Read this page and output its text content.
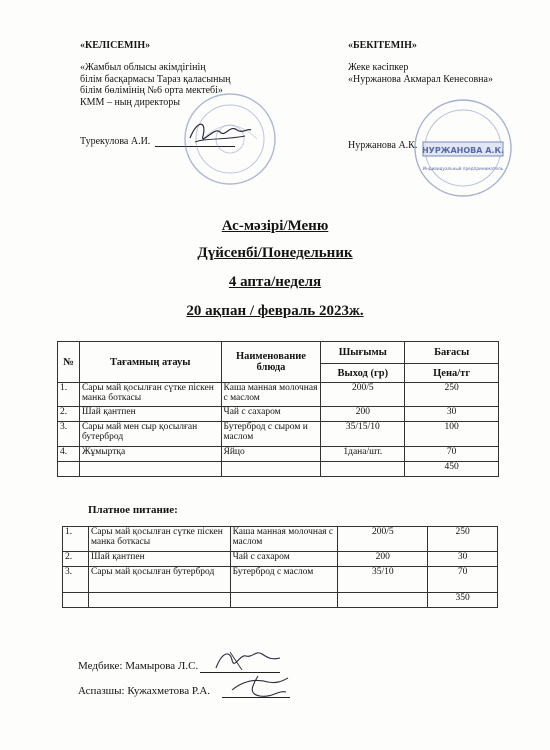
«КЕЛІСЕМІН»
«Жамбыл облысы әкімдігінің
білім басқармасы Тараз қаласының
білім бөлімінің №6 орта мектебі»
КММ – ның директоры
Турекулова А.И.
«БЕКІТЕМІН»
Жеке кәсіпкер
«Нуржанова Акмарал Кенесовна»
Нуржанова А.К. НУРЖАНОВА А.К.
Индивидуальный предприниматель
Ас-мәзірі/Меню
Дүйсенбі/Понедельник
4 апта/неделя
20 ақпан / февраль 2023ж.
№	Тағамның атауы	Наименование блюда	Шығымы	Бағасы
			Выход (гр)	Цена/тг
1.	Сары май қосылған сүтке піскен манка боткасы	Каша манная молочная с маслом	200/5	250
2.	Шай қантпен	Чай с сахаром	200	30
3.	Сары май мен сыр қосылған бутерброд	Бутерброд с сыром и маслом	35/15/10	100
4.	Жұмыртқа	Яйцо	1дана/шт.	70
				450
Платное питание:
1.	Сары май қосылған сүтке піскен манка боткасы	Каша манная молочная с маслом	200/5	250
2.	Шай қантпен	Чай с сахаром	200	30
3.	Сары май қосылған бутерброд	Бутерброд с маслом	35/10	70
				350
Медбике: Мамырова Л.С.
Аспазшы: Кужахметова Р.А.
